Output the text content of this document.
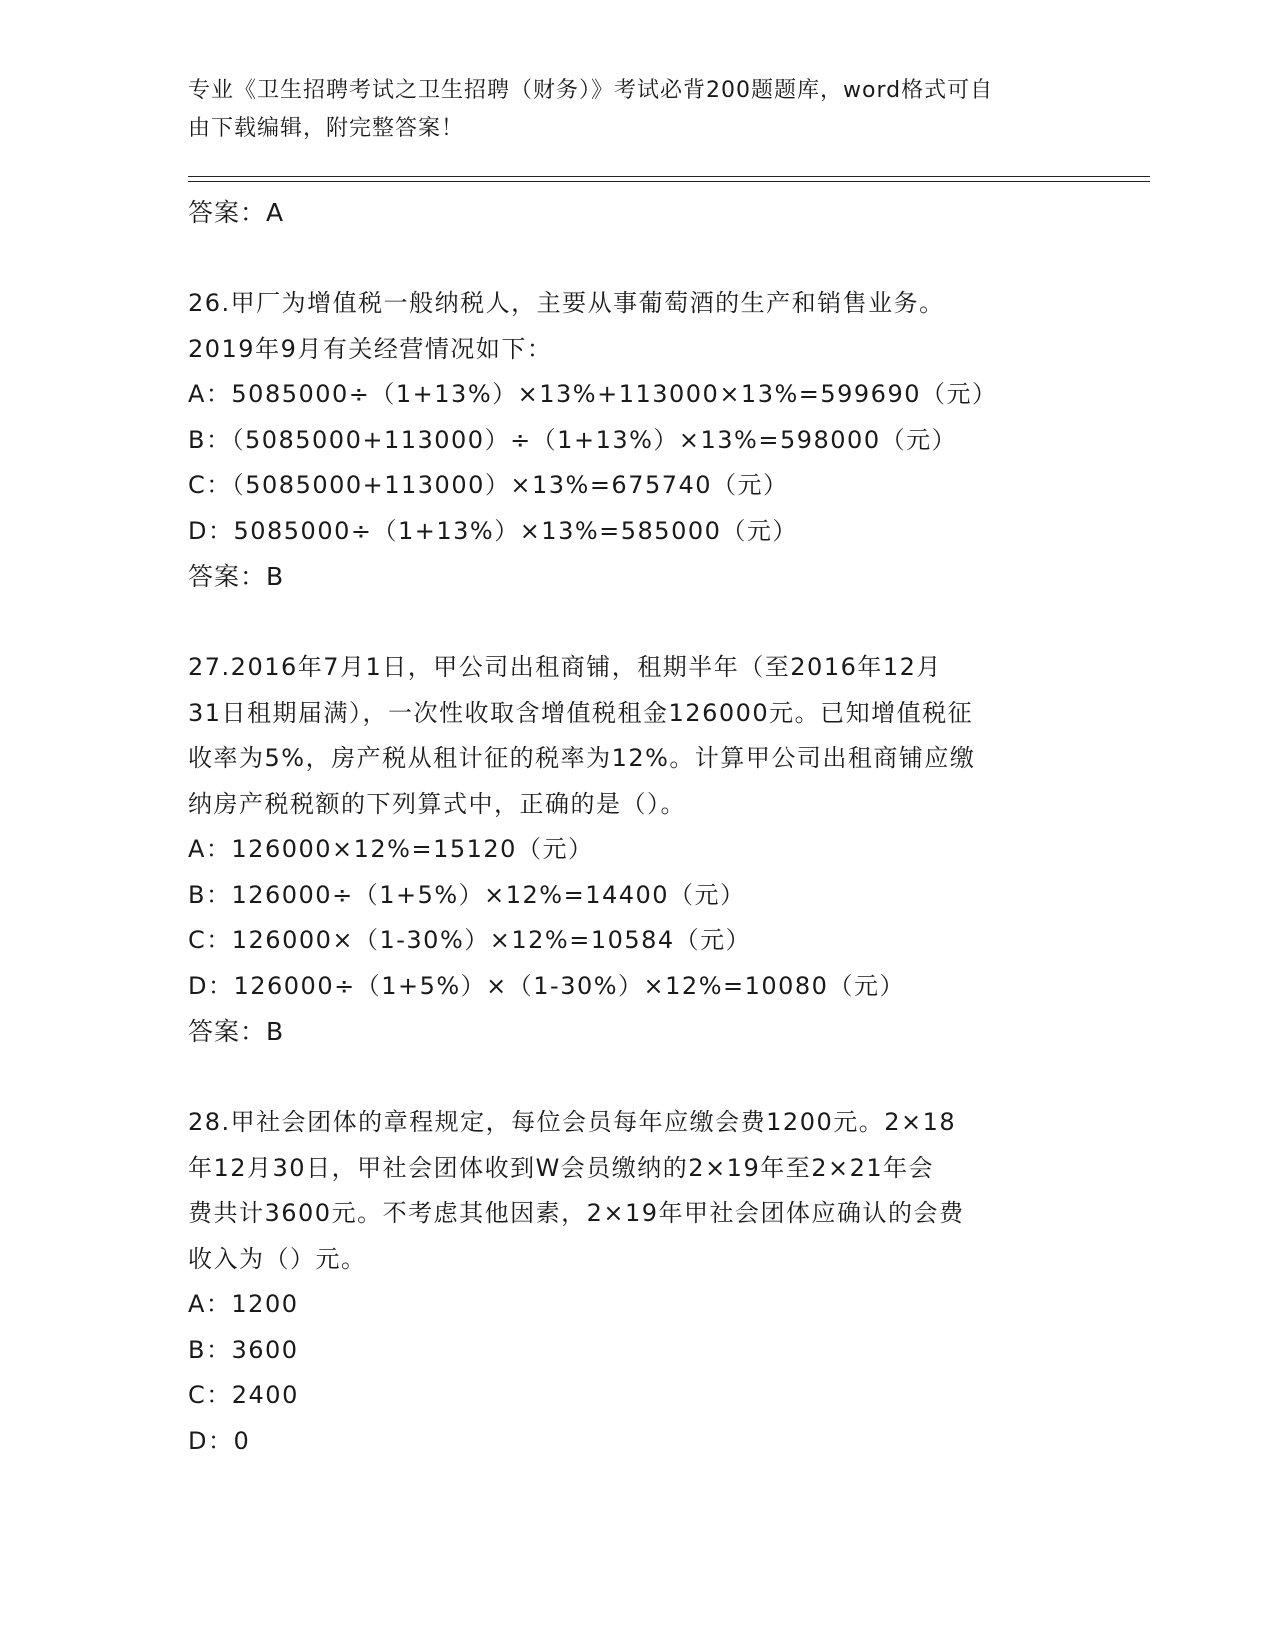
专业《卫生招聘考试之卫生招聘（财务）》考试必背200题题库，word格式可自
由下载编辑，附完整答案！
答案：A
26.甲厂为增值税一般纳税人，主要从事葡萄酒的生产和销售业务。
2019年9月有关经营情况如下：
A：5085000÷（1+13%）×13%+113000×13%=599690（元）
B：（5085000+113000）÷（1+13%）×13%=598000（元）
C：（5085000+113000）×13%=675740（元）
D：5085000÷（1+13%）×13%=585000（元）
答案：B
27.2016年7月1日，甲公司出租商铺，租期半年（至2016年12月
31日租期届满），一次性收取含增值税租金126000元。已知增值税征
收率为5%，房产税从租计征的税率为12%。计算甲公司出租商铺应缴
纳房产税税额的下列算式中，正确的是（）。
A：126000×12%=15120（元）
B：126000÷（1+5%）×12%=14400（元）
C：126000×（1-30%）×12%=10584（元）
D：126000÷（1+5%）×（1-30%）×12%=10080（元）
答案：B
28.甲社会团体的章程规定，每位会员每年应缴会费1200元。2×18
年12月30日，甲社会团体收到W会员缴纳的2×19年至2×21年会
费共计3600元。不考虑其他因素，2×19年甲社会团体应确认的会费
收入为（）元。
A：1200
B：3600
C：2400
D：0
